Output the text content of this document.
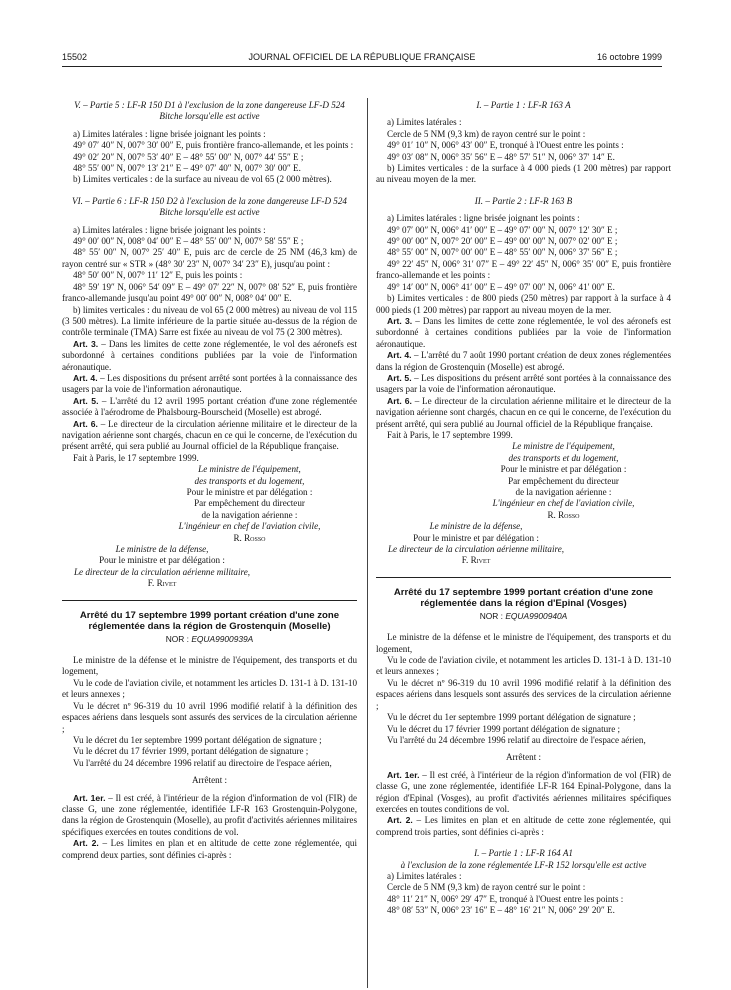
15502	JOURNAL OFFICIEL DE LA RÉPUBLIQUE FRANÇAISE	16 octobre 1999

V. – Partie 5 : LF-R 150 D1 à l'exclusion de la zone dangereuse LF-D 524 Bitche lorsqu'elle est active

a) Limites latérales : ligne brisée joignant les points :

49° 07′ 40″ N, 007° 30′ 00″ E, puis frontière franco-allemande, et les points :

49° 02′ 20″ N, 007° 53′ 40″ E – 48° 55′ 00″ N, 007° 44′ 55″ E ;

48° 55′ 00″ N, 007° 13′ 21″ E – 49° 07′ 40″ N, 007° 30′ 00″ E.

b) Limites verticales : de la surface au niveau de vol 65 (2 000 mètres).

VI. – Partie 6 : LF-R 150 D2 à l'exclusion de la zone dangereuse LF-D 524 Bitche lorsqu'elle est active

a) Limites latérales : ligne brisée joignant les points :

49° 00′ 00″ N, 008° 04′ 00″ E – 48° 55′ 00″ N, 007° 58′ 55″ E ;

48° 55′ 00″ N, 007° 25′ 40″ E, puis arc de cercle de 25 NM (46,3 km) de rayon centré sur « STR » (48° 30′ 23″ N, 007° 34′ 23″ E), jusqu'au point :

48° 50′ 00″ N, 007° 11′ 12″ E, puis les points :

48° 59′ 19″ N, 006° 54′ 09″ E – 49° 07′ 22″ N, 007° 08′ 52″ E, puis frontière franco-allemande jusqu'au point 49° 00′ 00″ N, 008° 04′ 00″ E.

b) limites verticales : du niveau de vol 65 (2 000 mètres) au niveau de vol 115 (3 500 mètres). La limite inférieure de la partie située au-dessus de la région de contrôle terminale (TMA) Sarre est fixée au niveau de vol 75 (2 300 mètres).

Art. 3. – Dans les limites de cette zone réglementée, le vol des aéronefs est subordonné à certaines conditions publiées par la voie de l'information aéronautique.

Art. 4. – Les dispositions du présent arrêté sont portées à la connaissance des usagers par la voie de l'information aéronautique.

Art. 5. – L'arrêté du 12 avril 1995 portant création d'une zone réglementée associée à l'aérodrome de Phalsbourg-Bourscheid (Moselle) est abrogé.

Art. 6. – Le directeur de la circulation aérienne militaire et le directeur de la navigation aérienne sont chargés, chacun en ce qui le concerne, de l'exécution du présent arrêté, qui sera publié au Journal officiel de la République française.

Fait à Paris, le 17 septembre 1999.

Le ministre de l'équipement,

des transports et du logement,

Pour le ministre et par délégation :

Par empêchement du directeur

de la navigation aérienne :

L'ingénieur en chef de l'aviation civile,

R. Rosso

Le ministre de la défense,

Pour le ministre et par délégation :

Le directeur de la circulation aérienne militaire,

F. Rivet

Arrêté du 17 septembre 1999 portant création d'une zone réglementée dans la région de Grostenquin (Moselle)

NOR : EQUA9900939A

Le ministre de la défense et le ministre de l'équipement, des transports et du logement,

Vu le code de l'aviation civile, et notamment les articles D. 131-1 à D. 131-10 et leurs annexes ;

Vu le décret nº 96-319 du 10 avril 1996 modifié relatif à la définition des espaces aériens dans lesquels sont assurés des services de la circulation aérienne ;

Vu le décret du 1er septembre 1999 portant délégation de signature ;

Vu le décret du 17 février 1999, portant délégation de signature ;

Vu l'arrêté du 24 décembre 1996 relatif au directoire de l'espace aérien,

Arrêtent :

Art. 1er. – Il est créé, à l'intérieur de la région d'information de vol (FIR) de classe G, une zone réglementée, identifiée LF-R 163 Grostenquin-Polygone, dans la région de Grostenquin (Moselle), au profit d'activités aériennes militaires spécifiques exercées en toutes conditions de vol.

Art. 2. – Les limites en plan et en altitude de cette zone réglementée, qui comprend deux parties, sont définies ci-après :

I. – Partie 1 : LF-R 163 A

a) Limites latérales :

Cercle de 5 NM (9,3 km) de rayon centré sur le point :

49° 01′ 10″ N, 006° 43′ 00″ E, tronqué à l'Ouest entre les points :

49° 03′ 08″ N, 006° 35′ 56″ E – 48° 57′ 51″ N, 006° 37′ 14″ E.

b) Limites verticales : de la surface à 4 000 pieds (1 200 mètres) par rapport au niveau moyen de la mer.

II. – Partie 2 : LF-R 163 B

a) Limites latérales : ligne brisée joignant les points :

49° 07′ 00″ N, 006° 41′ 00″ E – 49° 07′ 00″ N, 007° 12′ 30″ E ;

49° 00′ 00″ N, 007° 20′ 00″ E – 49° 00′ 00″ N, 007° 02′ 00″ E ;

48° 55′ 00″ N, 007° 00′ 00″ E – 48° 55′ 00″ N, 006° 37′ 56″ E ;

49° 22′ 45″ N, 006° 31′ 07″ E – 49° 22′ 45″ N, 006° 35′ 00″ E, puis frontière franco-allemande et les points :

49° 14′ 00″ N, 006° 41′ 00″ E – 49° 07′ 00″ N, 006° 41′ 00″ E.

b) Limites verticales : de 800 pieds (250 mètres) par rapport à la surface à 4 000 pieds (1 200 mètres) par rapport au niveau moyen de la mer.

Art. 3. – Dans les limites de cette zone réglementée, le vol des aéronefs est subordonné à certaines conditions publiées par la voie de l'information aéronautique.

Art. 4. – L'arrêté du 7 août 1990 portant création de deux zones réglementées dans la région de Grostenquin (Moselle) est abrogé.

Art. 5. – Les dispositions du présent arrêté sont portées à la connaissance des usagers par la voie de l'information aéronautique.

Art. 6. – Le directeur de la circulation aérienne militaire et le directeur de la navigation aérienne sont chargés, chacun en ce qui le concerne, de l'exécution du présent arrêté, qui sera publié au Journal officiel de la République française.

Fait à Paris, le 17 septembre 1999.

Le ministre de l'équipement,

des transports et du logement,

Pour le ministre et par délégation :

Par empêchement du directeur

de la navigation aérienne :

L'ingénieur en chef de l'aviation civile,

R. Rosso

Le ministre de la défense,

Pour le ministre et par délégation :

Le directeur de la circulation aérienne militaire,

F. Rivet

Arrêté du 17 septembre 1999 portant création d'une zone réglementée dans la région d'Epinal (Vosges)

NOR : EQUA9900940A

Le ministre de la défense et le ministre de l'équipement, des transports et du logement,

Vu le code de l'aviation civile, et notamment les articles D. 131-1 à D. 131-10 et leurs annexes ;

Vu le décret nº 96-319 du 10 avril 1996 modifié relatif à la définition des espaces aériens dans lesquels sont assurés des services de la circulation aérienne ;

Vu le décret du 1er septembre 1999 portant délégation de signature ;

Vu le décret du 17 février 1999 portant délégation de signature ;

Vu l'arrêté du 24 décembre 1996 relatif au directoire de l'espace aérien,

Arrêtent :

Art. 1er. – Il est créé, à l'intérieur de la région d'information de vol (FIR) de classe G, une zone réglementée, identifiée LF-R 164 Epinal-Polygone, dans la région d'Epinal (Vosges), au profit d'activités aériennes militaires spécifiques exercées en toutes conditions de vol.

Art. 2. – Les limites en plan et en altitude de cette zone réglementée, qui comprend trois parties, sont définies ci-après :

I. – Partie 1 : LF-R 164 A1

à l'exclusion de la zone réglementée LF-R 152 lorsqu'elle est active

a) Limites latérales :

Cercle de 5 NM (9,3 km) de rayon centré sur le point :

48° 11′ 21″ N, 006° 29′ 47″ E, tronqué à l'Ouest entre les points :

48° 08′ 53″ N, 006° 23′ 16″ E – 48° 16′ 21″ N, 006° 29′ 20″ E.
